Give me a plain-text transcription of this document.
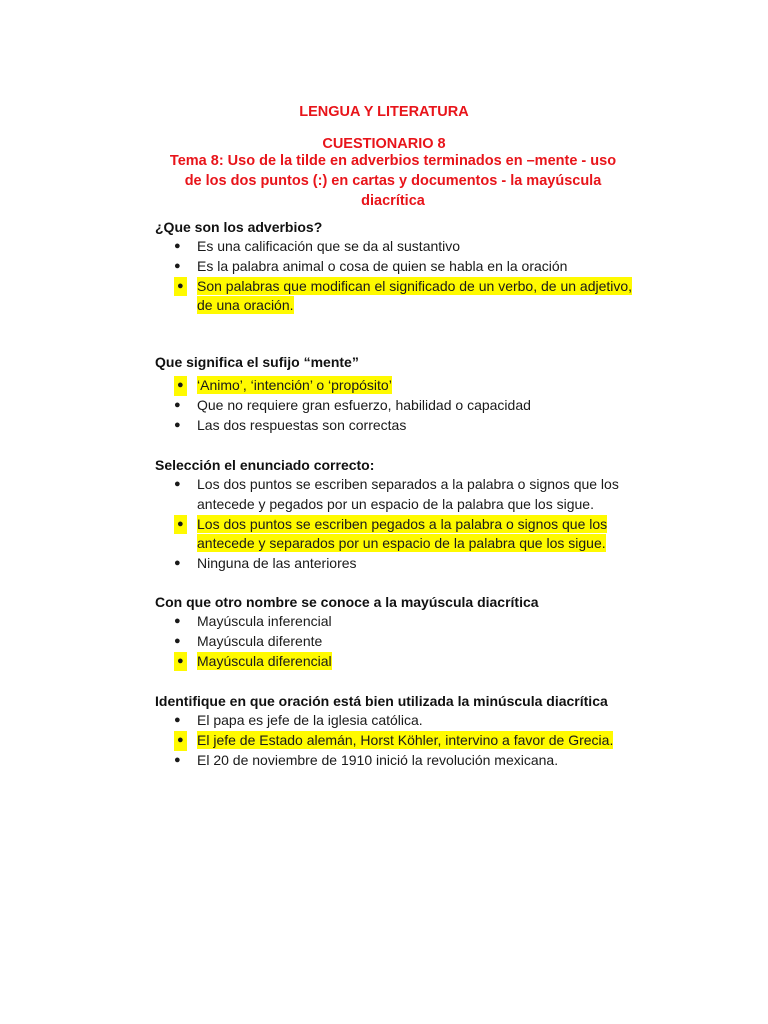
LENGUA Y LITERATURA
CUESTIONARIO 8
Tema 8: Uso de la tilde en adverbios terminados en –mente - uso de los dos puntos (:) en cartas y documentos - la mayúscula diacrítica
¿Que son los adverbios?
● Es una calificación que se da al sustantivo
● Es la palabra animal o cosa de quien se habla en la oración
● Son palabras que modifican el significado de un verbo, de un adjetivo, de una oración.
Que significa el sufijo “mente”
● ‘Animo’, ‘intención’ o ‘propósito’
● Que no requiere gran esfuerzo, habilidad o capacidad
● Las dos respuestas son correctas
Selección el enunciado correcto:
● Los dos puntos se escriben separados a la palabra o signos que los antecede y pegados por un espacio de la palabra que los sigue.
● Los dos puntos se escriben pegados a la palabra o signos que los antecede y separados por un espacio de la palabra que los sigue.
● Ninguna de las anteriores
Con que otro nombre se conoce a la mayúscula diacrítica
● Mayúscula inferencial
● Mayúscula diferente
● Mayúscula diferencial
Identifique en que oración está bien utilizada la minúscula diacrítica
● El papa es jefe de la iglesia católica.
● El jefe de Estado alemán, Horst Köhler, intervino a favor de Grecia.
● El 20 de noviembre de 1910 inició la revolución mexicana.
